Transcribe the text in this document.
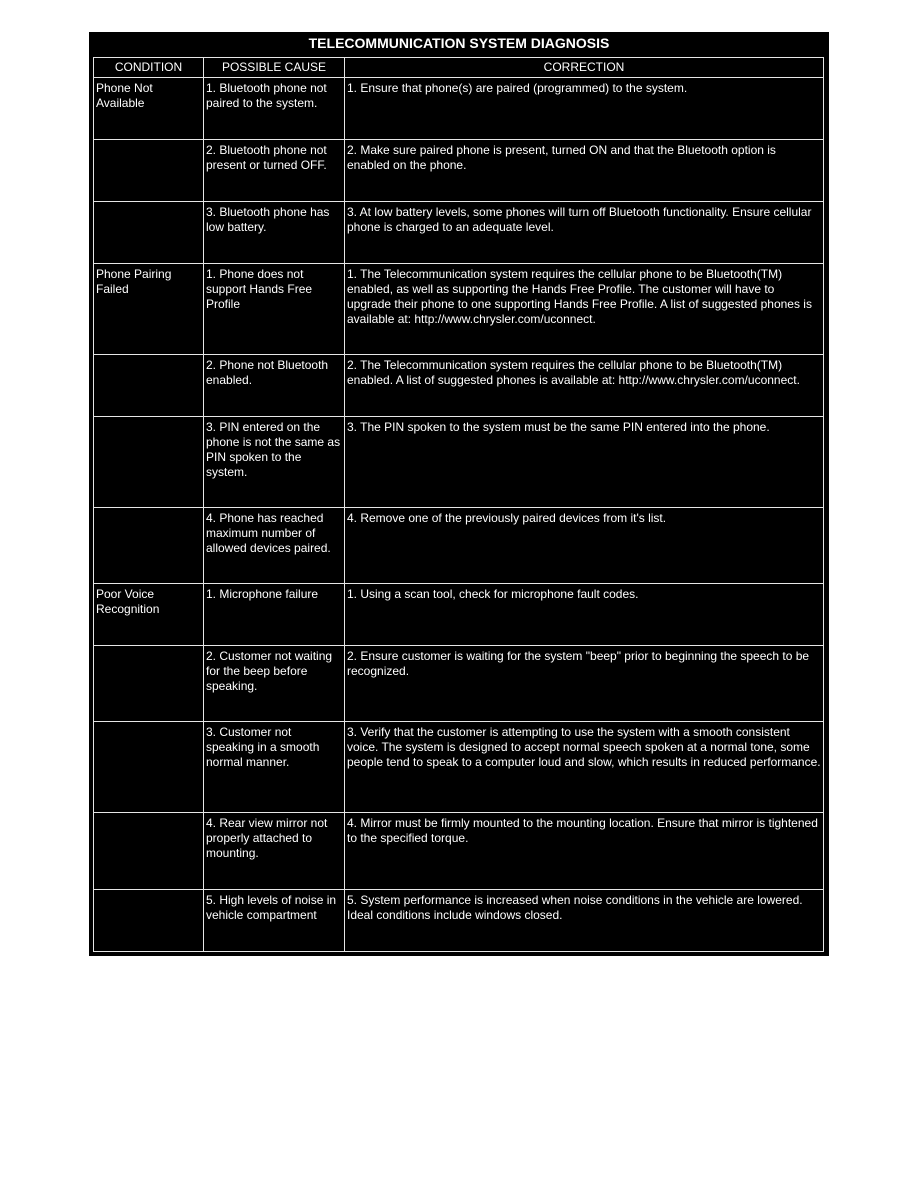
TELECOMMUNICATION SYSTEM DIAGNOSIS
CONDITION	POSSIBLE CAUSE	CORRECTION
Phone Not Available	1. Bluetooth phone not paired to the system.	1. Ensure that phone(s) are paired (programmed) to the system.
	2. Bluetooth phone not present or turned OFF.	2. Make sure paired phone is present, turned ON and that the Bluetooth option is enabled on the phone.
	3. Bluetooth phone has low battery.	3. At low battery levels, some phones will turn off Bluetooth functionality. Ensure cellular phone is charged to an adequate level.
Phone Pairing Failed	1. Phone does not support Hands Free Profile	1. The Telecommunication system requires the cellular phone to be Bluetooth(TM) enabled, as well as supporting the Hands Free Profile. The customer will have to upgrade their phone to one supporting Hands Free Profile. A list of suggested phones is available at: http://www.chrysler.com/uconnect.
	2. Phone not Bluetooth enabled.	2. The Telecommunication system requires the cellular phone to be Bluetooth(TM) enabled. A list of suggested phones is available at: http://www.chrysler.com/uconnect.
	3. PIN entered on the phone is not the same as PIN spoken to the system.	3. The PIN spoken to the system must be the same PIN entered into the phone.
	4. Phone has reached maximum number of allowed devices paired.	4. Remove one of the previously paired devices from it's list.
Poor Voice Recognition	1. Microphone failure	1. Using a scan tool, check for microphone fault codes.
	2. Customer not waiting for the beep before speaking.	2. Ensure customer is waiting for the system "beep" prior to beginning the speech to be recognized.
	3. Customer not speaking in a smooth normal manner.	3. Verify that the customer is attempting to use the system with a smooth consistent voice. The system is designed to accept normal speech spoken at a normal tone, some people tend to speak to a computer loud and slow, which results in reduced performance.
	4. Rear view mirror not properly attached to mounting.	4. Mirror must be firmly mounted to the mounting location. Ensure that mirror is tightened to the specified torque.
	5. High levels of noise in vehicle compartment	5. System performance is increased when noise conditions in the vehicle are lowered. Ideal conditions include windows closed.
